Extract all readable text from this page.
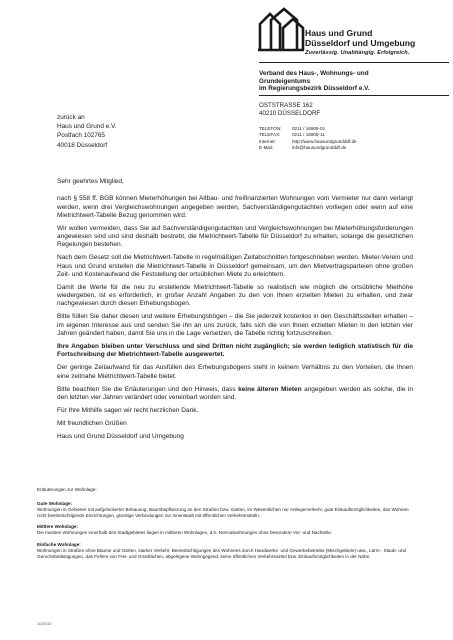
Haus und Grund
Düsseldorf und Umgebung
Zuverlässig. Unabhängig. Erfolgreich.
Verband des Haus-, Wohnungs- und
Grundeigentums
im Regierungsbezirk Düsseldorf e.V.
OSTSTRASSE 162
40210 DÜSSELDORF
TELEFON:	0211 / 16905-01
TELEFAX:	0211 / 16905-11
Internet:	http://www.hausundgrundddf.de
E-Mail:	info@hausundgrundddf.de
zurück an
Haus und Grund e.V.
Postfach 102765
40018 Düsseldorf

Sehr geehrtes Mitglied,

nach § 558 ff. BGB können Mieterhöhungen bei Altbau- und freifinanzierten Wohnungen vom Vermieter nur dann verlangt werden, wenn drei Vergleichswohnungen angegeben werden, Sachverständigengutachten vorliegen oder wenn auf eine Mietrichtwert-Tabelle Bezug genommen wird.

Wir wollen vermeiden, dass Sie auf Sachverständigengutachten und Vergleichswohnungen bei Mieterhöhungsforderungen angewiesen sind und sind deshalb bestrebt, die Mietrichtwert-Tabelle für Düsseldorf zu erhalten, solange die gesetzlichen Regelungen bestehen.

Nach dem Gesetz soll die Mietrichtwert-Tabelle in regelmäßigen Zeitabschnitten fortgeschrieben werden. Mieter-Verein und Haus und Grund erstellen die Mietrichtwert-Tabelle in Düsseldorf gemeinsam, um den Mietvertragsparteien ohne großen Zeit- und Kostenaufwand die Feststellung der ortsüblichen Miete zu erleichtern.

Damit die Werte für die neu zu erstellende Mietrichtwert-Tabelle so realistisch wie möglich die ortsübliche Miethöhe wiedergeben, ist es erforderlich, in großer Anzahl Angaben zu den von Ihnen erzielten Mieten zu erhalten, und zwar nachgewiesen durch diesen Erhebungsbogen.

Bitte füllen Sie daher diesen und weitere Erhebungsbögen – die Sie jederzeit kostenlos in den Geschäftsstellen erhalten – im eigenen Interesse aus und senden Sie ihn an uns zurück, falls sich die von Ihnen erzielten Mieten in den letzten vier Jahren geändert haben, damit Sie uns in die Lage versetzen, die Tabelle richtig fortzuschreiben.

Ihre Angaben bleiben unter Verschluss und sind Dritten nicht zugänglich; sie werden lediglich statistisch für die Fortschreibung der Mietrichtwert-Tabelle ausgewertet.

Der geringe Zeitaufwand für das Ausfüllen des Erhebungsbogens steht in keinem Verhältnis zu den Vorteilen, die Ihnen eine zeitnahe Mietrichtwert-Tabelle bietet.

Bitte beachten Sie die Erläuterungen und den Hinweis, dass keine älteren Mieten angegeben werden als solche, die in den letzten vier Jahren verändert oder vereinbart worden sind.

Für Ihre Mithilfe sagen wir recht herzlichen Dank.

Mit freundlichen Grüßen

Haus und Grund Düsseldorf und Umgebung

Erläuterungen zur Wohnlage:
Gute Wohnlage:
Wohnungen in Gebieten mit aufgelockerter Bebauung, Baumbepflanzung an den Straßen bzw. Gärten, im Wesentlichen nur Anliegerverkehr, gute Einkaufsmöglichkeiten, das Wohnen nicht beeinträchtigende Einrichtungen, günstige Verbindungen zur Innenstadt mit öffentlichen Verkehrsmitteln.
Mittlere Wohnlage:
Die meisten Wohnungen innerhalb des Stadtgebietes liegen in mittleren Wohnlagen, d.h. Normalwohnungen ohne besondere Vor- und Nachteile.
Einfache Wohnlage:
Wohnungen in Straßen ohne Bäume und Gärten, starker Verkehr, Beeinträchtigungen des Wohnens durch Handwerks- und Gewerbebetriebe (Mischgebiete) usw., Lärm-, Staub- und Geruchsbelästigungen, das Fehlen von Frei- und Grünflächen, abgelegene Wohngegend, keine öffentlichen Verkehrsmittel bzw. Einkaufsmöglichkeiten in der Nähe.
10/2010
